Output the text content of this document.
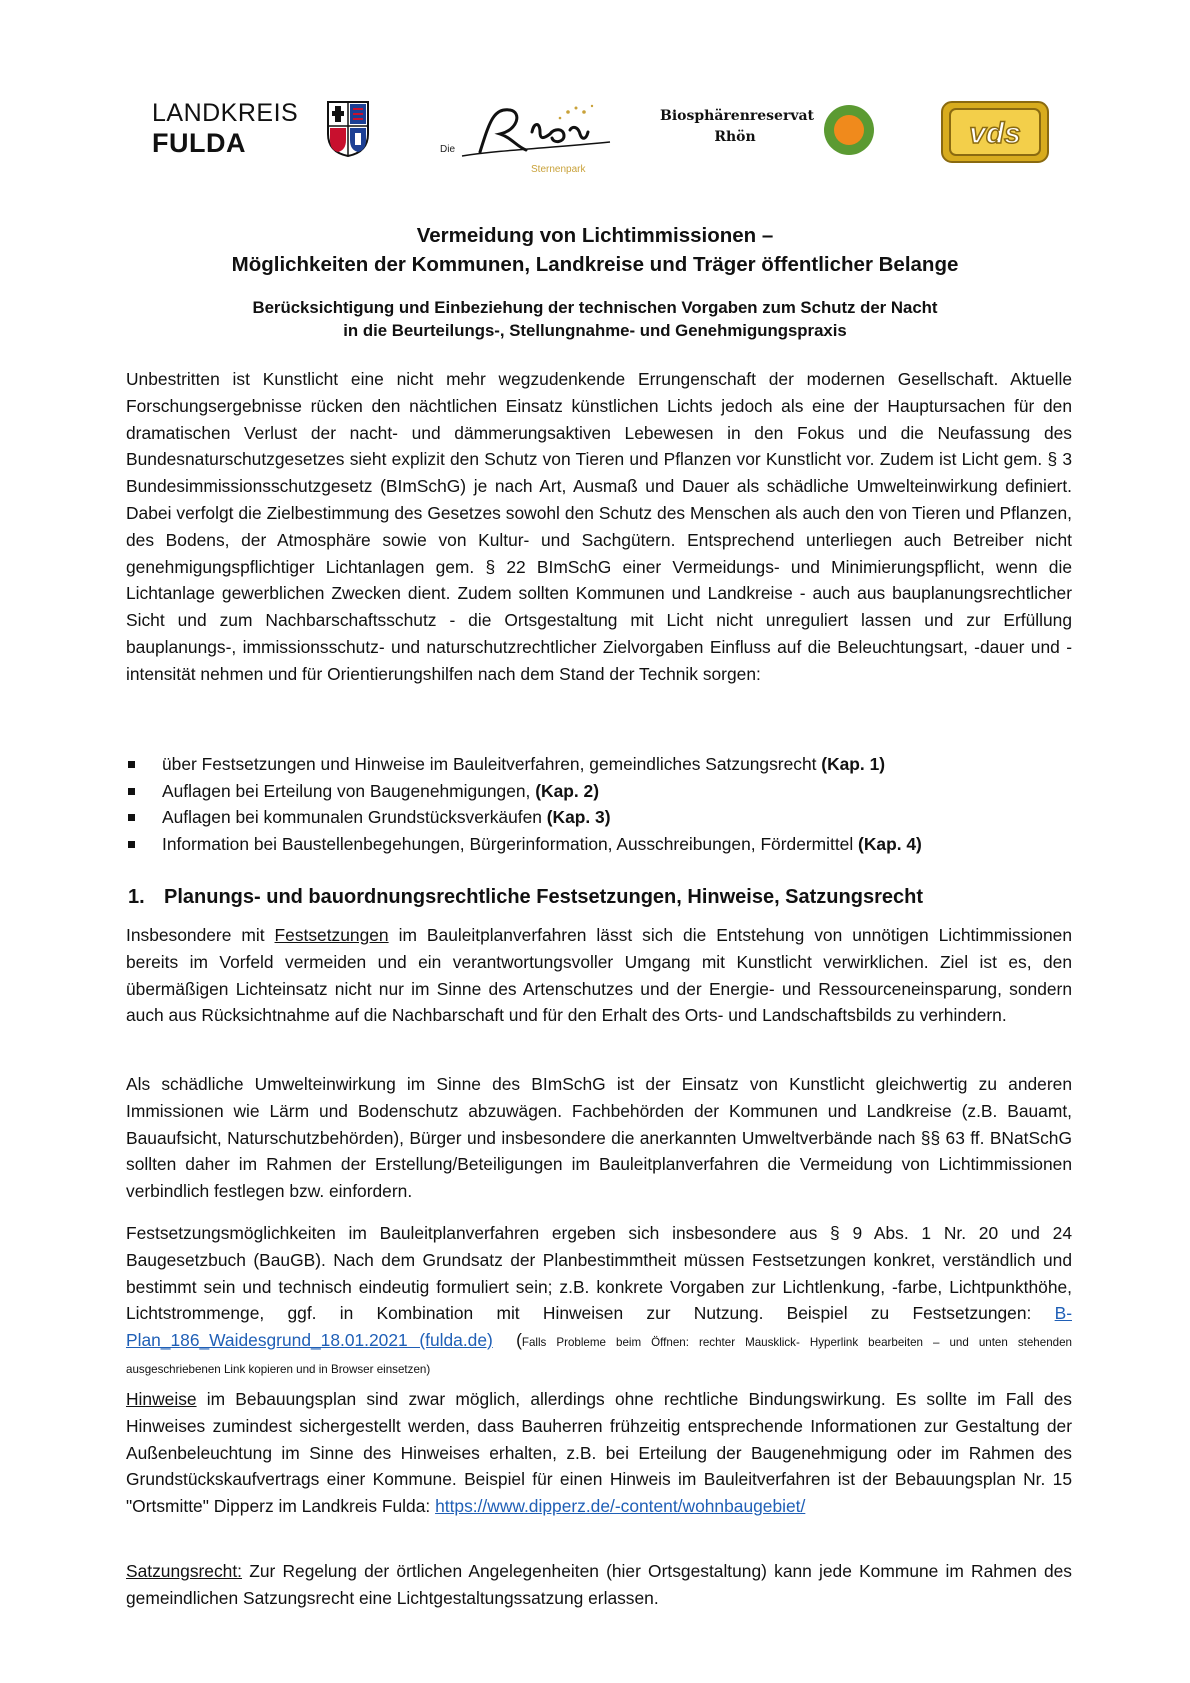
LANDKREIS
FULDA	Die
Sternenpark
Biosphärenreservat
Rhön	vds
Vermeidung von Lichtimmissionen –
Möglichkeiten der Kommunen, Landkreise und Träger öffentlicher Belange
Berücksichtigung und Einbeziehung der technischen Vorgaben zum Schutz der Nacht
in die Beurteilungs-, Stellungnahme- und Genehmigungspraxis

Unbestritten ist Kunstlicht eine nicht mehr wegzudenkende Errungenschaft der modernen Gesellschaft. Aktuelle Forschungsergebnisse rücken den nächtlichen Einsatz künstlichen Lichts jedoch als eine der Hauptursachen für den dramatischen Verlust der nacht- und dämmerungsaktiven Lebewesen in den Fokus und die Neufassung des Bundesnaturschutzgesetzes sieht explizit den Schutz von Tieren und Pflanzen vor Kunstlicht vor. Zudem ist Licht gem. § 3 Bundesimmissionsschutzgesetz (BImSchG) je nach Art, Ausmaß und Dauer als schädliche Umwelteinwirkung definiert. Dabei verfolgt die Zielbestimmung des Gesetzes sowohl den Schutz des Menschen als auch den von Tieren und Pflanzen, des Bodens, der Atmosphäre sowie von Kultur- und Sachgütern. Entsprechend unterliegen auch Betreiber nicht genehmigungspflichtiger Lichtanlagen gem. § 22 BImSchG einer Vermeidungs- und Minimierungspflicht, wenn die Lichtanlage gewerblichen Zwecken dient. Zudem sollten Kommunen und Landkreise - auch aus bauplanungsrechtlicher Sicht und zum Nachbarschaftsschutz - die Ortsgestaltung mit Licht nicht unreguliert lassen und zur Erfüllung bauplanungs-, immissionsschutz- und naturschutzrechtlicher Zielvorgaben Einfluss auf die Beleuchtungsart, -dauer und -intensität nehmen und für Orientierungshilfen nach dem Stand der Technik sorgen:

über Festsetzungen und Hinweise im Bauleitverfahren, gemeindliches Satzungsrecht (Kap. 1)
Auflagen bei Erteilung von Baugenehmigungen, (Kap. 2)
Auflagen bei kommunalen Grundstücksverkäufen (Kap. 3)
Information bei Baustellenbegehungen, Bürgerinformation, Ausschreibungen, Fördermittel (Kap. 4)
1. Planungs- und bauordnungsrechtliche Festsetzungen, Hinweise, Satzungsrecht

Insbesondere mit Festsetzungen im Bauleitplanverfahren lässt sich die Entstehung von unnötigen Lichtimmissionen bereits im Vorfeld vermeiden und ein verantwortungsvoller Umgang mit Kunstlicht verwirklichen. Ziel ist es, den übermäßigen Lichteinsatz nicht nur im Sinne des Artenschutzes und der Energie- und Ressourceneinsparung, sondern auch aus Rücksichtnahme auf die Nachbarschaft und für den Erhalt des Orts- und Landschaftsbilds zu verhindern.

Als schädliche Umwelteinwirkung im Sinne des BImSchG ist der Einsatz von Kunstlicht gleichwertig zu anderen Immissionen wie Lärm und Bodenschutz abzuwägen. Fachbehörden der Kommunen und Landkreise (z.B. Bauamt, Bauaufsicht, Naturschutzbehörden), Bürger und insbesondere die anerkannten Umweltverbände nach §§ 63 ff. BNatSchG sollten daher im Rahmen der Erstellung/Beteiligungen im Bauleitplanverfahren die Vermeidung von Lichtimmissionen verbindlich festlegen bzw. einfordern.

Festsetzungsmöglichkeiten im Bauleitplanverfahren ergeben sich insbesondere aus § 9 Abs. 1 Nr. 20 und 24 Baugesetzbuch (BauGB). Nach dem Grundsatz der Planbestimmtheit müssen Festsetzungen konkret, verständlich und bestimmt sein und technisch eindeutig formuliert sein; z.B. konkrete Vorgaben zur Lichtlenkung, -farbe, Lichtpunkthöhe, Lichtstrommenge, ggf. in Kombination mit Hinweisen zur Nutzung. Beispiel zu Festsetzungen: B-Plan_186_Waidesgrund_18.01.2021 (fulda.de) (Falls Probleme beim Öffnen: rechter Mausklick- Hyperlink bearbeiten – und unten stehenden ausgeschriebenen Link kopieren und in Browser einsetzen)

Hinweise im Bebauungsplan sind zwar möglich, allerdings ohne rechtliche Bindungswirkung. Es sollte im Fall des Hinweises zumindest sichergestellt werden, dass Bauherren frühzeitig entsprechende Informationen zur Gestaltung der Außenbeleuchtung im Sinne des Hinweises erhalten, z.B. bei Erteilung der Baugenehmigung oder im Rahmen des Grundstückskaufvertrags einer Kommune. Beispiel für einen Hinweis im Bauleitverfahren ist der Bebauungsplan Nr. 15 "Ortsmitte" Dipperz im Landkreis Fulda: https://www.dipperz.de/-content/wohnbaugebiet/

Satzungsrecht: Zur Regelung der örtlichen Angelegenheiten (hier Ortsgestaltung) kann jede Kommune im Rahmen des gemeindlichen Satzungsrecht eine Lichtgestaltungssatzung erlassen.
